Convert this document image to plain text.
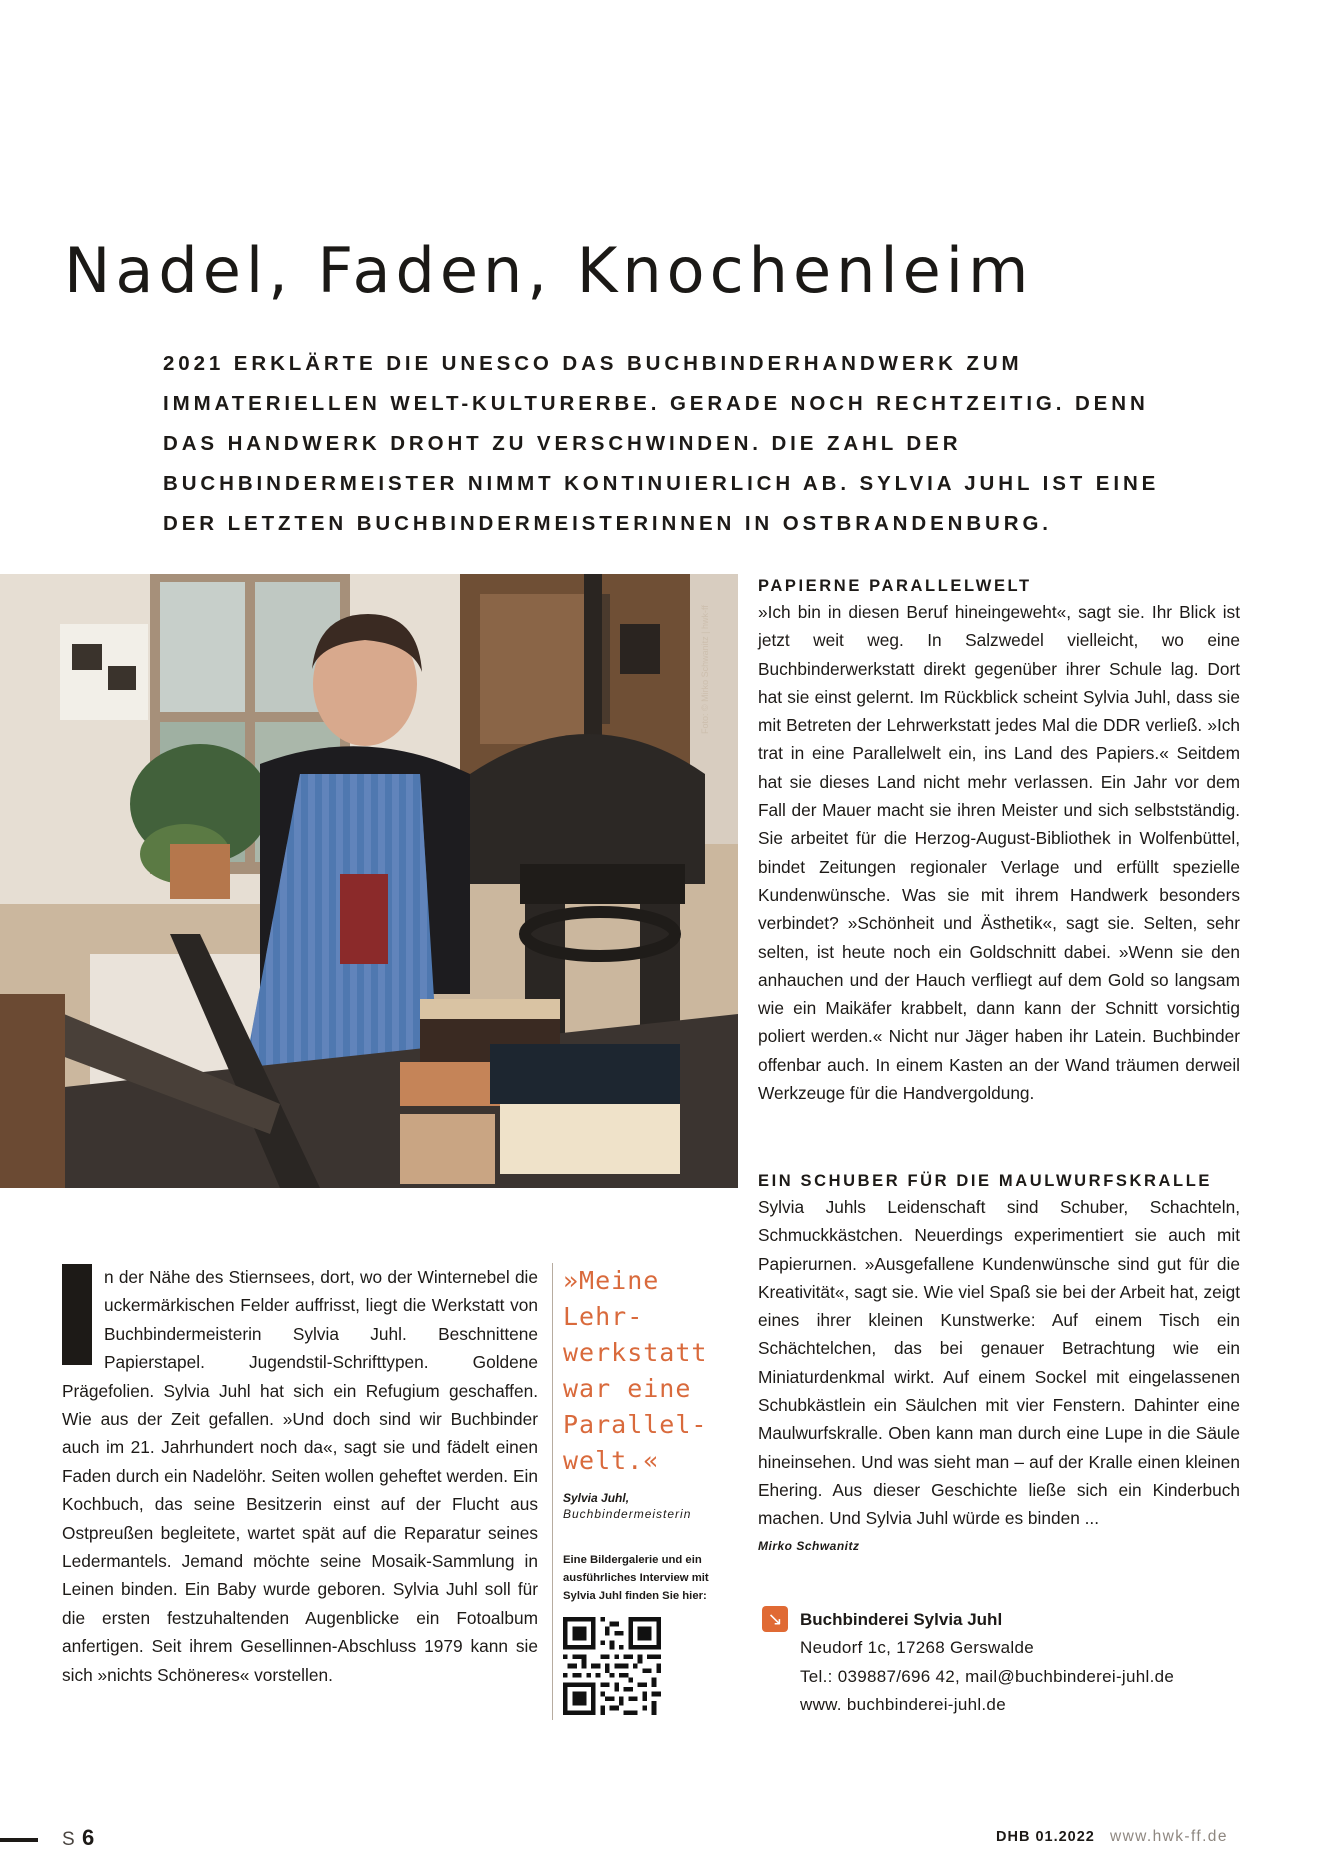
Nadel, Faden, Knochenleim

2021 ERKLÄRTE DIE UNESCO DAS BUCHBINDERHANDWERK ZUM IMMATERIELLEN WELT-KULTURERBE. GERADE NOCH RECHTZEITIG. DENN DAS HANDWERK DROHT ZU VERSCHWINDEN. DIE ZAHL DER BUCHBINDERMEISTER NIMMT KONTINUIERLICH AB. SYLVIA JUHL IST EINE DER LETZTEN BUCHBINDERMEISTERINNEN IN OSTBRANDENBURG.

Foto: © Mirko Schwanitz | hwk-ff

PAPIERNE PARALLELWELT

»Ich bin in diesen Beruf hineingeweht«, sagt sie. Ihr Blick ist jetzt weit weg. In Salzwedel vielleicht, wo eine Buchbinderwerkstatt direkt gegenüber ihrer Schule lag. Dort hat sie einst gelernt. Im Rückblick scheint Sylvia Juhl, dass sie mit Betreten der Lehrwerkstatt jedes Mal die DDR verließ. »Ich trat in eine Parallelwelt ein, ins Land des Papiers.« Seitdem hat sie dieses Land nicht mehr verlassen. Ein Jahr vor dem Fall der Mauer macht sie ihren Meister und sich selbstständig. Sie arbeitet für die Herzog-August-Bibliothek in Wolfenbüttel, bindet Zeitungen regionaler Verlage und erfüllt spezielle Kundenwünsche. Was sie mit ihrem Handwerk besonders verbindet? »Schönheit und Ästhetik«, sagt sie. Selten, sehr selten, ist heute noch ein Goldschnitt dabei. »Wenn sie den anhauchen und der Hauch verfliegt auf dem Gold so langsam wie ein Maikäfer krabbelt, dann kann der Schnitt vorsichtig poliert werden.« Nicht nur Jäger haben ihr Latein. Buchbinder offenbar auch. In einem Kasten an der Wand träumen derweil Werkzeuge für die Handvergoldung.

EIN SCHUBER FÜR DIE MAULWURFSKRALLE

Sylvia Juhls Leidenschaft sind Schuber, Schachteln, Schmuckkästchen. Neuerdings experimentiert sie auch mit Papierurnen. »Ausgefallene Kundenwünsche sind gut für die Kreativität«, sagt sie. Wie viel Spaß sie bei der Arbeit hat, zeigt eines ihrer kleinen Kunstwerke: Auf einem Tisch ein Schächtelchen, das bei genauer Betrachtung wie ein Miniaturdenkmal wirkt. Auf einem Sockel mit eingelassenen Schubkästlein ein Säulchen mit vier Fenstern. Dahinter eine Maulwurfskralle. Oben kann man durch eine Lupe in die Säule hineinsehen. Und was sieht man – auf der Kralle einen kleinen Ehering. Aus dieser Geschichte ließe sich ein Kinderbuch machen. Und Sylvia Juhl würde es binden ...

Mirko Schwanitz

n der Nähe des Stiernsees, dort, wo der Winternebel die uckermärkischen Felder auffrisst, liegt die Werkstatt von Buchbindermeisterin Sylvia Juhl. Beschnittene Papierstapel. Jugendstil-Schrifttypen. Goldene Prägefolien. Sylvia Juhl hat sich ein Refugium geschaffen. Wie aus der Zeit gefallen. »Und doch sind wir Buchbinder auch im 21. Jahrhundert noch da«, sagt sie und fädelt einen Faden durch ein Nadelöhr. Seiten wollen geheftet werden. Ein Kochbuch, das seine Besitzerin einst auf der Flucht aus Ostpreußen begleitete, wartet spät auf die Reparatur seines Ledermantels. Jemand möchte seine Mosaik-Sammlung in Leinen binden. Ein Baby wurde geboren. Sylvia Juhl soll für die ersten festzuhaltenden Augenblicke ein Fotoalbum anfertigen. Seit ihrem Gesellinnen-Abschluss 1979 kann sie sich »nichts Schöneres« vorstellen.

»Meine Lehrwerkstatt war eine Parallelwelt.«

Sylvia Juhl,

Buchbindermeisterin

Eine Bildergalerie und ein ausführliches Interview mit Sylvia Juhl finden Sie hier:

↘	Buchbinderei Sylvia Juhl

Neudorf 1c, 17268 Gerswalde

Tel.: 039887/696 42, mail@buchbinderei-juhl.de

www. buchbinderei-juhl.de

S 6	DHB 01.2022 www.hwk-ff.de
